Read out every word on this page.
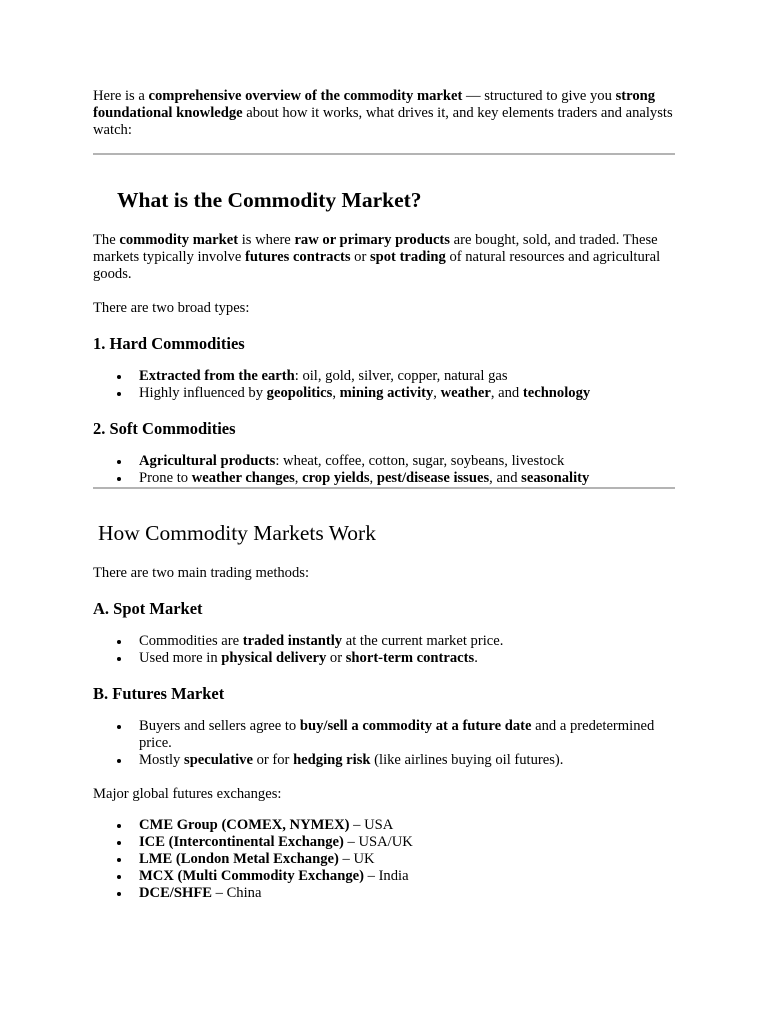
Here is a comprehensive overview of the commodity market — structured to give you strong foundational knowledge about how it works, what drives it, and key elements traders and analysts watch:

What is the Commodity Market?

The commodity market is where raw or primary products are bought, sold, and traded. These markets typically involve futures contracts or spot trading of natural resources and agricultural goods.

There are two broad types:

1. Hard Commodities
Extracted from the earth: oil, gold, silver, copper, natural gas
Highly influenced by geopolitics, mining activity, weather, and technology
2. Soft Commodities
Agricultural products: wheat, coffee, cotton, sugar, soybeans, livestock
Prone to weather changes, crop yields, pest/disease issues, and seasonality
How Commodity Markets Work

There are two main trading methods:

A. Spot Market
Commodities are traded instantly at the current market price.
Used more in physical delivery or short-term contracts.
B. Futures Market
Buyers and sellers agree to buy/sell a commodity at a future date and a predetermined price.
Mostly speculative or for hedging risk (like airlines buying oil futures).

Major global futures exchanges:

CME Group (COMEX, NYMEX) – USA
ICE (Intercontinental Exchange) – USA/UK
LME (London Metal Exchange) – UK
MCX (Multi Commodity Exchange) – India
DCE/SHFE – China
